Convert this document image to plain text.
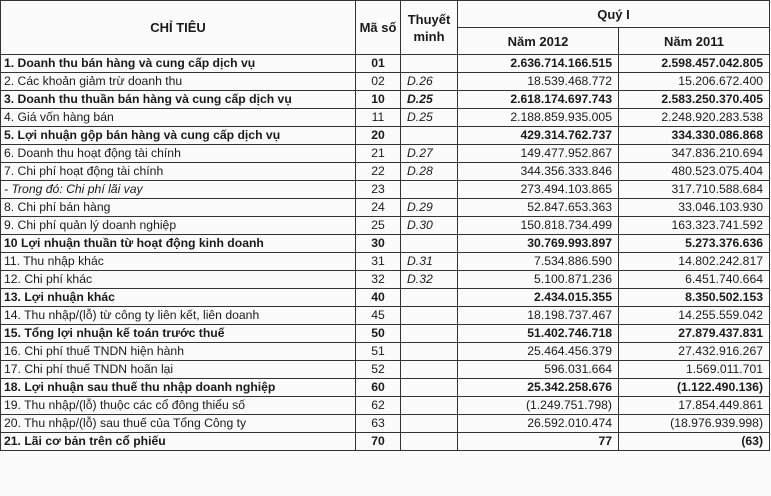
CHỈ TIÊU	Mã số	Thuyết minh	Quý I	
			Năm 2012	Năm 2011
1. Doanh thu bán hàng và cung cấp dịch vụ	01		2.636.714.166.515	2.598.457.042.805
2. Các khoản giảm trừ doanh thu	02	D.26	18.539.468.772	15.206.672.400
3. Doanh thu thuần bán hàng và cung cấp dịch vụ	10	D.25	2.618.174.697.743	2.583.250.370.405
4. Giá vốn hàng bán	11	D.25	2.188.859.935.005	2.248.920.283.538
5. Lợi nhuận gộp bán hàng và cung cấp dịch vụ	20		429.314.762.737	334.330.086.868
6. Doanh thu hoạt động tài chính	21	D.27	149.477.952.867	347.836.210.694
7. Chi phí hoạt động tài chính	22	D.28	344.356.333.846	480.523.075.404
- Trong đó: Chi phí lãi vay	23		273.494.103.865	317.710.588.684
8. Chi phí bán hàng	24	D.29	52.847.653.363	33.046.103.930
9. Chi phí quản lý doanh nghiệp	25	D.30	150.818.734.499	163.323.741.592
10 Lợi nhuận thuần từ hoạt động kinh doanh	30		30.769.993.897	5.273.376.636
11. Thu nhập khác	31	D.31	7.534.886.590	14.802.242.817
12. Chi phí khác	32	D.32	5.100.871.236	6.451.740.664
13. Lợi nhuận khác	40		2.434.015.355	8.350.502.153
14. Thu nhập/(lỗ) từ công ty liên kết, liên doanh	45		18.198.737.467	14.255.559.042
15. Tổng lợi nhuận kế toán trước thuế	50		51.402.746.718	27.879.437.831
16. Chi phí thuế TNDN hiện hành	51		25.464.456.379	27.432.916.267
17. Chi phí thuế TNDN hoãn lại	52		596.031.664	1.569.011.701
18. Lợi nhuận sau thuế thu nhập doanh nghiệp	60		25.342.258.676	(1.122.490.136)
19. Thu nhập/(lỗ) thuộc các cổ đông thiểu số	62		(1.249.751.798)	17.854.449.861
20. Thu nhập/(lỗ) sau thuế của Tổng Công ty	63		26.592.010.474	(18.976.939.998)
21. Lãi cơ bản trên cổ phiếu	70		77	(63)
